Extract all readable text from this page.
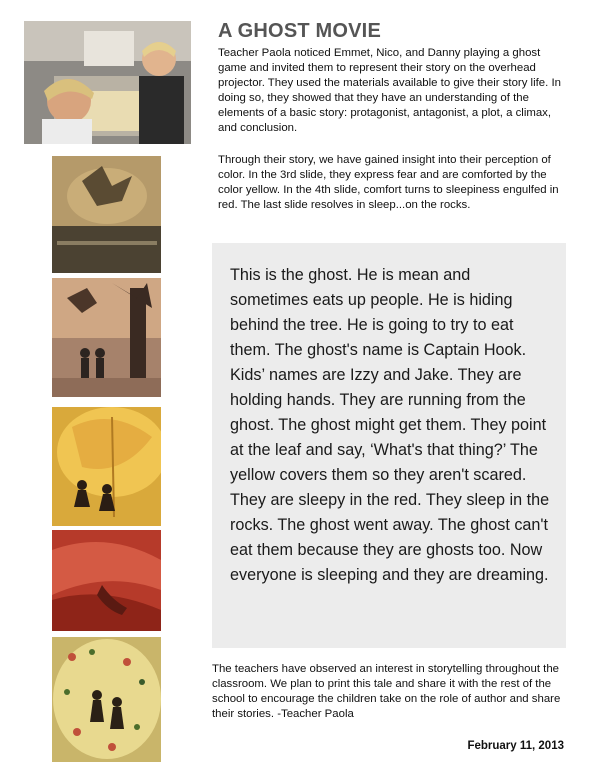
A GHOST MOVIE

Teacher Paola noticed Emmet, Nico, and Danny playing a ghost game and invited them to represent their story on the overhead projector. They used the materials available to give their story life. In doing so, they showed that they have an understanding of the elements of a basic story: protagonist, antagonist, a plot, a climax, and conclusion.

Through their story, we have gained insight into their perception of color. In the 3rd slide, they express fear and are comforted by the color yellow. In the 4th slide, comfort turns to sleepiness engulfed in red. The last slide resolves in sleep...on the rocks.

This is the ghost. He is mean and sometimes eats up people. He is hiding behind the tree. He is going to try to eat them. The ghost's name is Captain Hook. Kids’ names are Izzy and Jake. They are holding hands. They are running from the ghost. The ghost might get them. They point at the leaf and say, ‘What's that thing?’ The yellow covers them so they aren't scared. They are sleepy in the red. They sleep in the rocks. The ghost went away. The ghost can't eat them because they are ghosts too. Now everyone is sleeping and they are dreaming.

The teachers have observed an interest in storytelling throughout the classroom. We plan to print this tale and share it with the rest of the school to encourage the children take on the role of author and share their stories. -Teacher Paola

February 11, 2013
